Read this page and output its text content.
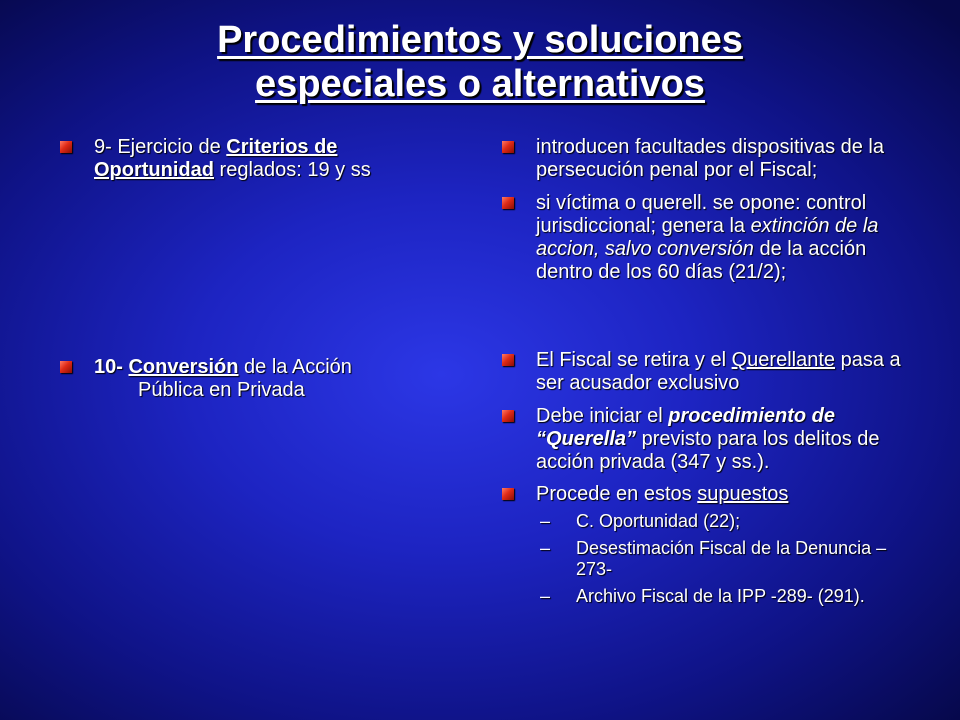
Procedimientos y soluciones
especiales o alternativos
9- Ejercicio de Criterios de Oportunidad reglados: 19 y ss
10- Conversión de la Acción
Pública en Privada
introducen facultades dispositivas de la persecución penal por el Fiscal;
si víctima o querell. se opone: control jurisdiccional; genera la extinción de la accion, salvo conversión de la acción dentro de los 60 días (21/2);
El Fiscal se retira y el Querellante pasa a ser acusador exclusivo
Debe iniciar el procedimiento de “Querella” previsto para los delitos de acción privada (347 y ss.).
Procede en estos supuestos
– C. Oportunidad (22);
– Desestimación Fiscal de la Denuncia –273-
– Archivo Fiscal de la IPP -289- (291).
